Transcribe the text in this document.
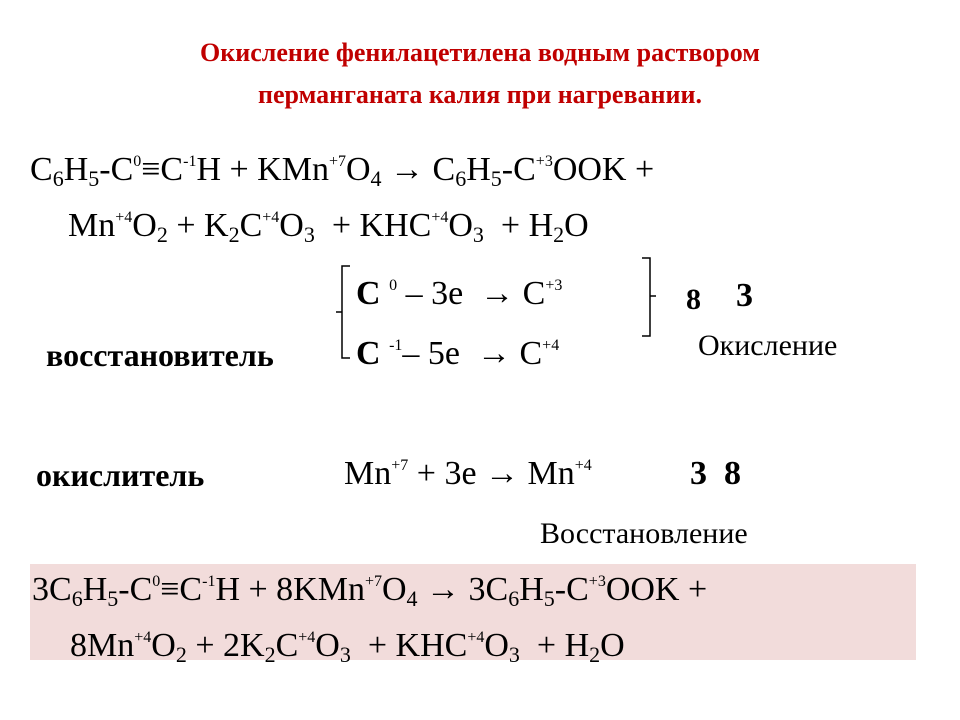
Окисление фенилацетилена водным раствором
перманганата калия при нагревании.
$C_6H_5-C^0\equiv C^{-1}H + KMn^{+7}O_4 \to C_6H_5-C^{+3}OOK$ +
$Mn^{+4}O_2 + K_2C^{+4}O_3 + KHC^{+4}O_3 + H_2O$
C $^0 - 3e \to C^{+3}$	8 3
восстановитель C $^{-1}$– $5e \to C^{+4}$	Окисление
окислитель	$Mn^{+7} + 3e \to Mn^{+4}$	3  8
Восстановление
$3C_6H_5-C^0\equiv C^{-1}H + 8KMn^{+7}O_4 \to 3C_6H_5-C^{+3}OOK$ +
$8Mn^{+4}O_2 + 2K_2C^{+4}O_3 + KHC^{+4}O_3 + H_2O$
